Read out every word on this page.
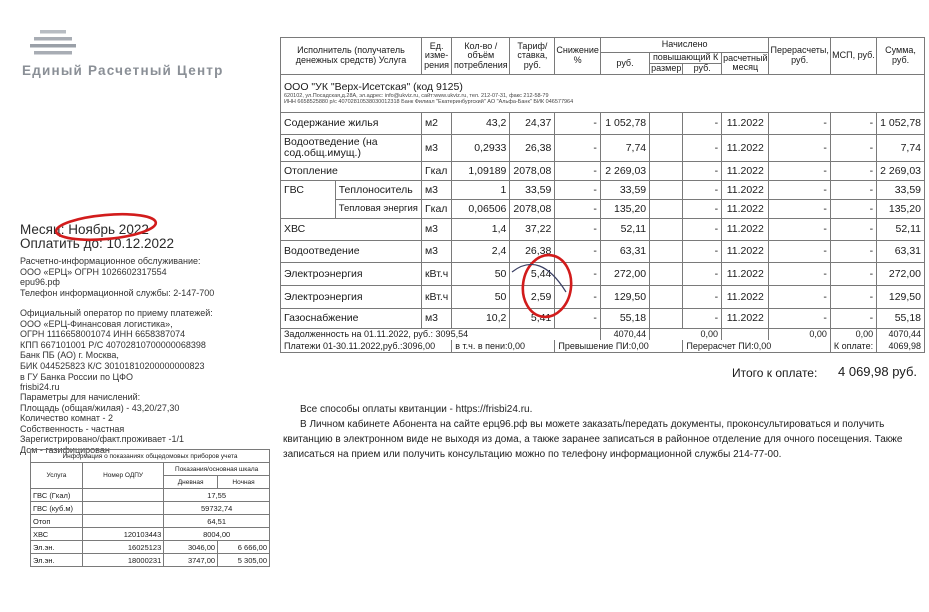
Единый Расчетный Центр
Месяц: Ноябрь 2022
Оплатить до: 10.12.2022
Расчетно-информационное обслуживание:
ООО «ЕРЦ» ОГРН 1026602317554
epu96.рф
Телефон информационной службы: 2-147-700
Официальный оператор по приему платежей:
ООО «ЕРЦ-Финансовая логистика»,
ОГРН 1116658001074 ИНН 6658387074
КПП 667101001 Р/С 40702810700000068398
Банк ПБ (АО) г. Москва,
БИК 044525823 К/С 30101810200000000823
в ГУ Банка России по ЦФО
frisbi24.ru
Параметры для начислений:
Площадь (общая/жилая) - 43,20/27,30
Количество комнат - 2
Собственность - частная
Зарегистрировано/факт.проживает -1/1
Дом - газифицирован
Информация о показаниях общедомовых приборов учета			
Услуга	Номер ОДПУ	Показания/основная шкала	
		Дневная	Ночная
ГВС (Гкал)		17,55	
ГВС (куб.м)		59732,74	
Отоп		64,51	
ХВС	120103443	8004,00	
Эл.эн.	16025123	3046,00	6 666,00
Эл.эн.	18000231	3747,00	5 305,00
Исполнитель (получатель денежных средств) Услуга		Ед. изме-рения	Кол-во / объём потребления	Тариф/ ставка, руб.	Снижение %	Начислено				Перерасчеты, руб.	МСП, руб.	Сумма, руб.
						руб.	повышающий К		расчетный месяц			
							размер	руб.				

ООО "УК "Верх-Исетская" (код 9125)
620102, ул.Посадская,д.28А, эл.адрес: info@ukviz.ru, сайт:www.ukviz.ru, тел. 212-07-31, факс 212-58-79
ИНН 6658525880 р/с 40702810538030012318 Банк Филиал "Екатеринбургский" АО "Альфа-Банк" БИК 046577964												

Содержание жилья		м2	43,2	24,37	-	1 052,78		-	11.2022	-	-	1 052,78
Водоотведение (на сод.общ.имущ.)		м3	0,2933	26,38	-	7,74		-	11.2022	-	-	7,74
Отопление		Гкал	1,09189	2078,08	-	2 269,03		-	11.2022	-	-	2 269,03
ГВС	Теплоноситель	м3	1	33,59	-	33,59		-	11.2022	-	-	33,59
	Тепловая энергия	Гкал	0,06506	2078,08	-	135,20		-	11.2022	-	-	135,20
ХВС		м3	1,4	37,22	-	52,11		-	11.2022	-	-	52,11
Водоотведение		м3	2,4	26,38	-	63,31		-	11.2022	-	-	63,31
Электроэнергия		кВт.ч	50	5,44	-	272,00		-	11.2022	-	-	272,00
Электроэнергия		кВт.ч	50	2,59	-	129,50		-	11.2022	-	-	129,50
Газоснабжение		м3	10,2	5,41	-	55,18		-	11.2022	-	-	55,18
Задолженность на 01.11.2022, руб.: 3095,54						4070,44	0,00			0,00	0,00	4070,44
Платежи 01-30.11.2022,руб.:3096,00			в т.ч. в пени:0,00		Превышение ПИ:0,00			Перерасчет ПИ:0,00			К оплате:	4069,98
Итого к оплате: 4 069,98 руб.
Все способы оплаты квитанции - https://frisbi24.ru.
В Личном кабинете Абонента на сайте ерц96.рф вы можете заказать/передать документы, проконсультироваться и получить
квитанцию в электронном виде не выходя из дома, а также заранее записаться в районное отделение для очного посещения. Также
записаться на прием или получить консультацию можно по телефону информационной службы 214-77-00.
